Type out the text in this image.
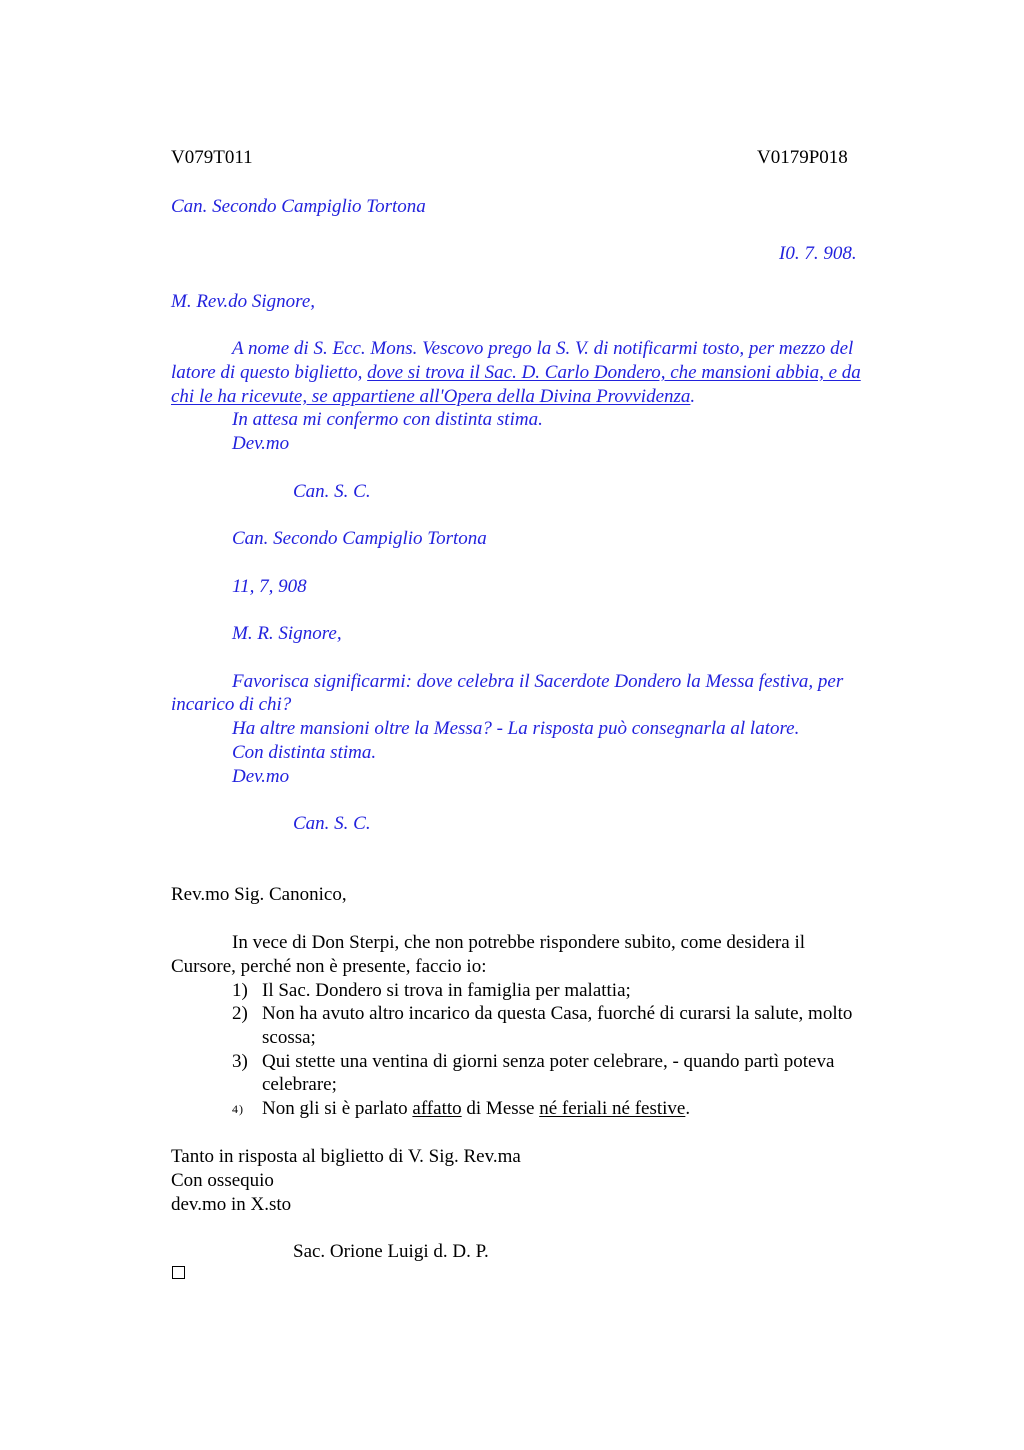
V079T011	V0179P018
Can. Secondo Campiglio Tortona
I0. 7. 908.
M. Rev.do Signore,
A nome di S. Ecc. Mons. Vescovo prego la S. V. di notificarmi tosto, per mezzo del
latore di questo biglietto, dove si trova il Sac. D. Carlo Dondero, che mansioni abbia, e da
chi le ha ricevute, se appartiene all'Opera della Divina Provvidenza.
In attesa mi confermo con distinta stima.
Dev.mo
Can. S. C.
Can. Secondo Campiglio Tortona
11, 7, 908
M. R. Signore,
Favorisca significarmi: dove celebra il Sacerdote Dondero la Messa festiva, per
incarico di chi?
Ha altre mansioni oltre la Messa? - La risposta può consegnarla al latore.
Con distinta stima.
Dev.mo
Can. S. C.
Rev.mo Sig. Canonico,
In vece di Don Sterpi, che non potrebbe rispondere subito, come desidera il
Cursore, perché non è presente, faccio io:
1) Il Sac. Dondero si trova in famiglia per malattia;
2) Non ha avuto altro incarico da questa Casa, fuorché di curarsi la salute, molto
scossa;
3) Qui stette una ventina di giorni senza poter celebrare, - quando partì poteva
celebrare;
4) Non gli si è parlato affatto di Messe né feriali né festive.
Tanto in risposta al biglietto di V. Sig. Rev.ma
Con ossequio
dev.mo in X.sto
Sac. Orione Luigi d. D. P.
